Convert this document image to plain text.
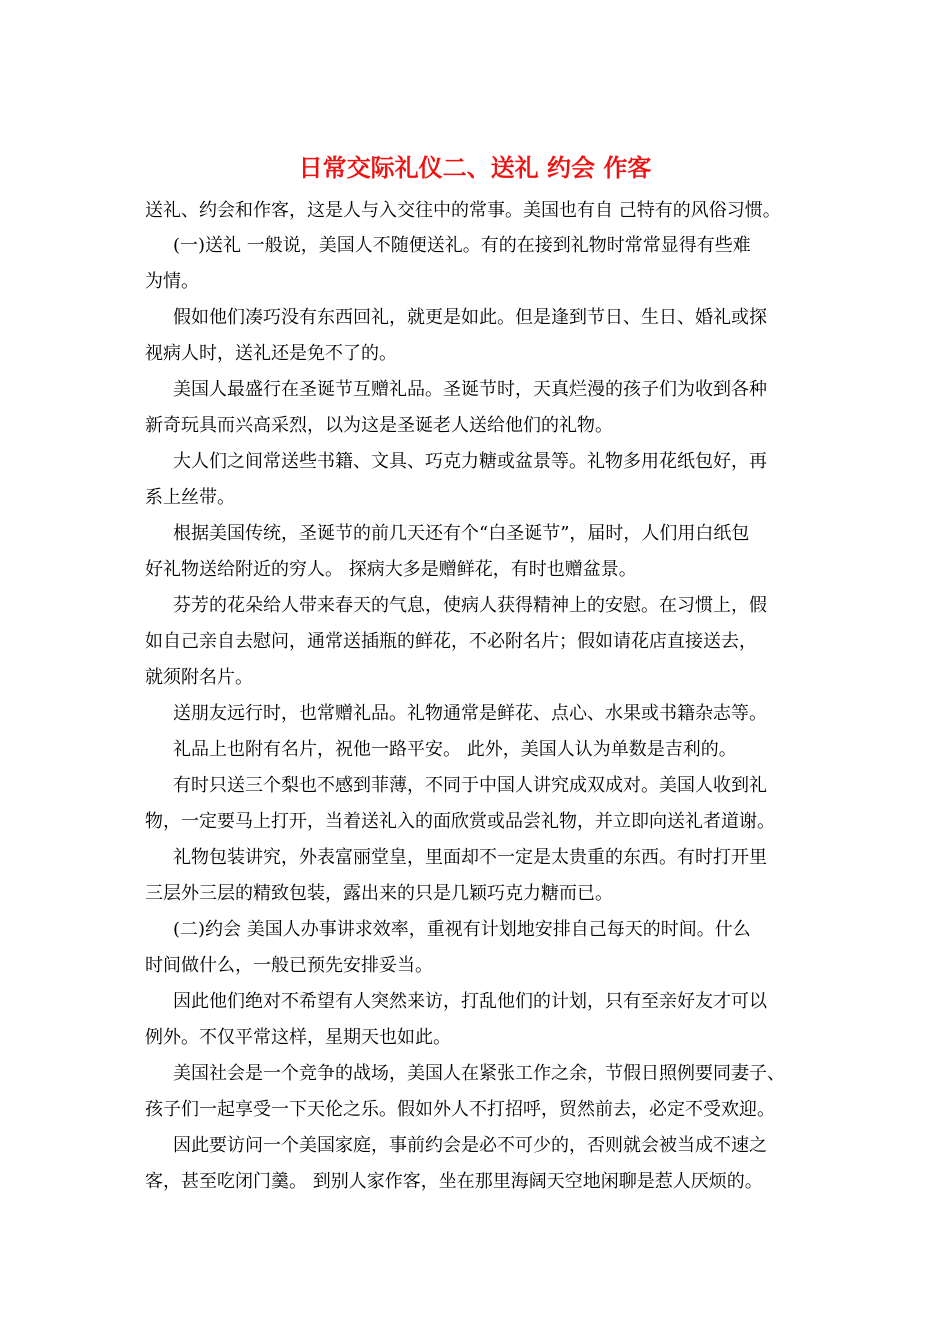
日常交际礼仪二、送礼 约会 作客
送礼、约会和作客，这是人与入交往中的常事。美国也有自 己特有的风俗习惯。
(一)送礼 一般说，美国人不随便送礼。有的在接到礼物时常常显得有些难
为情。
假如他们凑巧没有东西回礼，就更是如此。但是逢到节日、生日、婚礼或探
视病人时，送礼还是免不了的。
美国人最盛行在圣诞节互赠礼品。圣诞节时，天真烂漫的孩子们为收到各种
新奇玩具而兴高采烈，以为这是圣诞老人送给他们的礼物。
大人们之间常送些书籍、文具、巧克力糖或盆景等。礼物多用花纸包好，再
系上丝带。
根据美国传统，圣诞节的前几天还有个“白圣诞节”，届时，人们用白纸包
好礼物送给附近的穷人。 探病大多是赠鲜花，有时也赠盆景。
芬芳的花朵给人带来春天的气息，使病人获得精神上的安慰。在习惯上，假
如自己亲自去慰问，通常送插瓶的鲜花，不必附名片；假如请花店直接送去，
就须附名片。
送朋友远行时，也常赠礼品。礼物通常是鲜花、点心、水果或书籍杂志等。
礼品上也附有名片，祝他一路平安。 此外，美国人认为单数是吉利的。
有时只送三个梨也不感到菲薄，不同于中国人讲究成双成对。美国人收到礼
物，一定要马上打开，当着送礼入的面欣赏或品尝礼物，并立即向送礼者道谢。
礼物包装讲究，外表富丽堂皇，里面却不一定是太贵重的东西。有时打开里
三层外三层的精致包装，露出来的只是几颖巧克力糖而已。
(二)约会 美国人办事讲求效率，重视有计划地安排自己每天的时间。什么
时间做什么，一般已预先安排妥当。
因此他们绝对不希望有人突然来访，打乱他们的计划，只有至亲好友才可以
例外。不仅平常这样，星期天也如此。
美国社会是一个竞争的战场，美国人在紧张工作之余，节假日照例要同妻子、
孩子们一起享受一下天伦之乐。假如外人不打招呼，贸然前去，必定不受欢迎。
因此要访问一个美国家庭，事前约会是必不可少的，否则就会被当成不速之
客，甚至吃闭门羹。 到别人家作客，坐在那里海阔天空地闲聊是惹人厌烦的。
